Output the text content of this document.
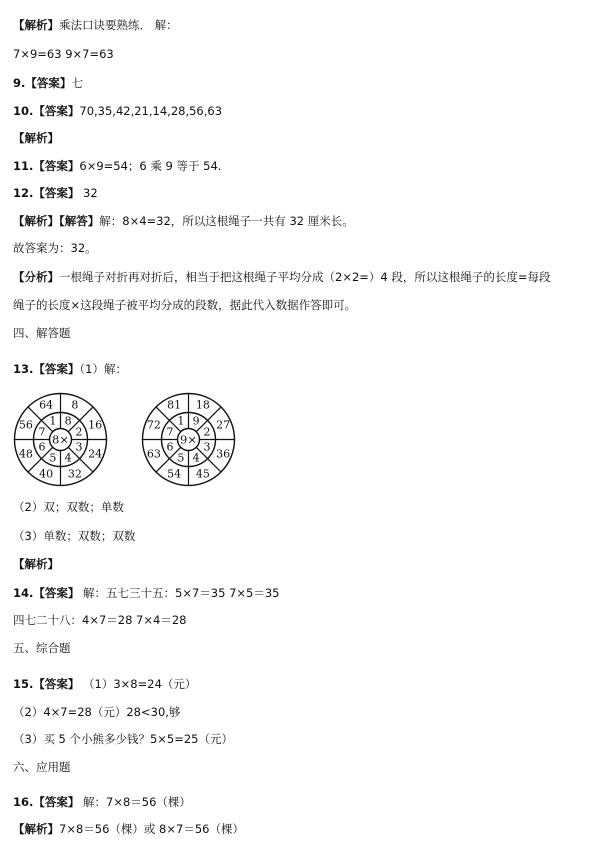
【解析】乘法口诀要熟练． 解：
7×9=63 9×7=63
9.【答案】七
10.【答案】70,35,42,21,14,28,56,63
【解析】
11.【答案】6×9=54；6 乘 9 等于 54.
12.【答案】 32
【解析】【解答】解：8×4=32，所以这根绳子一共有 32 厘米长。
故答案为：32。
【分析】一根绳子对折再对折后，相当于把这根绳子平均分成（2×2=）4 段，所以这根绳子的长度=每段
绳子的长度×这段绳子被平均分成的段数，据此代入数据作答即可。
四、解答题
13.【答案】（1）解：
8
8
2
16
3
24
4
32
5
40
6
48
7
56 1
64
8×
9
18
2
27
3
36
4
45
5
54
6
63
7
72 1
81
9×
（2）双；双数；单数
（3）单数；双数；双数
【解析】
14.【答案】 解：五七三十五：5×7＝35 7×5＝35
四七二十八：4×7＝28 7×4＝28
五、综合题
15.【答案】 （1）3×8=24（元）
（2）4×7=28（元）28<30,够
（3）买 5 个小熊多少钱？5×5=25（元）
六、应用题
16.【答案】 解：7×8＝56（棵）
【解析】7×8＝56（棵）或 8×7＝56（棵）
